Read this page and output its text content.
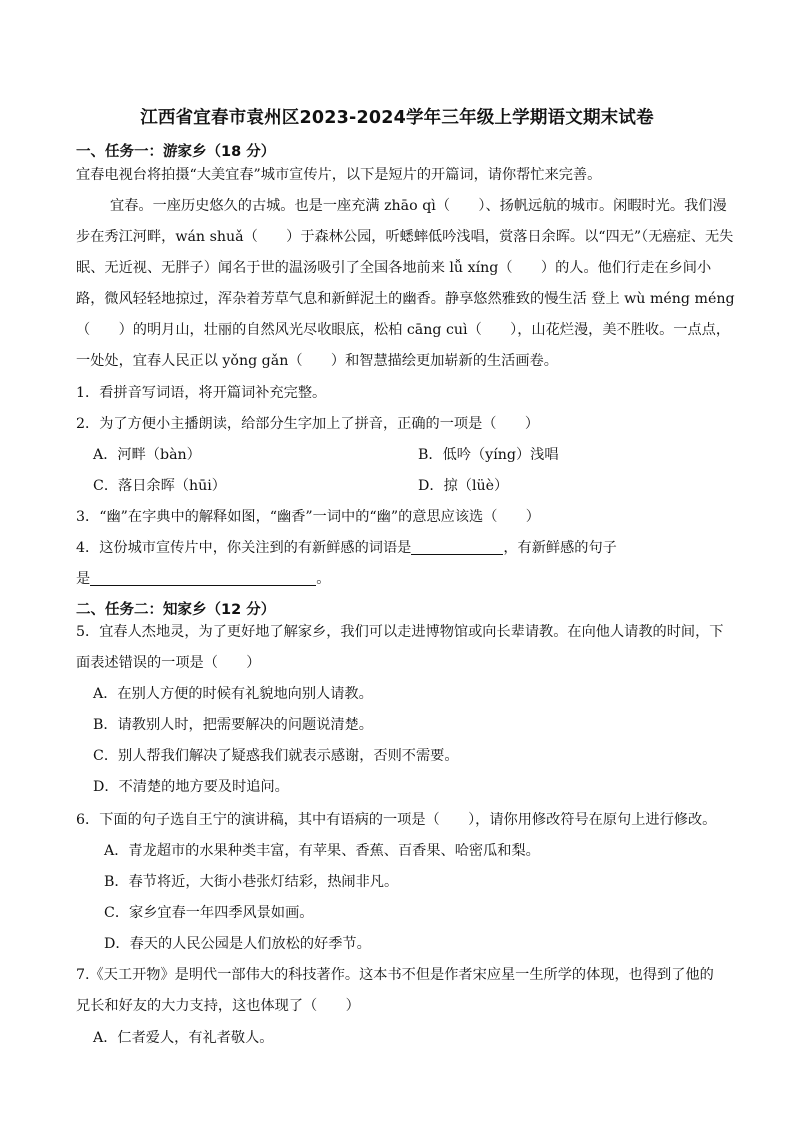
江西省宜春市袁州区2023-2024学年三年级上学期语文期末试卷
一、任务一：游家乡（18 分）
宜春电视台将拍摄“大美宜春”城市宣传片，以下是短片的开篇词，请你帮忙来完善。
宜春。一座历史悠久的古城。也是一座充满 zhāo qì（　　）、扬帆远航的城市。闲暇时光。我们漫
步在秀江河畔，wán shuǎ（　　）于森林公园，听蟋蟀低吟浅唱，赏落日余晖。以“四无”（无癌症、无失
眠、无近视、无胖子）闻名于世的温汤吸引了全国各地前来 lǚ xíng（　　）的人。他们行走在乡间小
路，微风轻轻地掠过，浑杂着芳草气息和新鲜泥土的幽香。静享悠然雅致的慢生活 登上 wù méng méng
（　　）的明月山，壮丽的自然风光尽收眼底，松柏 cāng cuì（　　），山花烂漫，美不胜收。一点点，
一处处，宜春人民正以 yǒng gǎn（　　）和智慧描绘更加崭新的生活画卷。
1．看拼音写词语，将开篇词补充完整。
2．为了方便小主播朗读，给部分生字加上了拼音，正确的一项是（　　）
A．河畔（bàn）	B．低吟（yíng）浅唱
C．落日余晖（hūi）	D．掠（lüè）
3．“幽”在字典中的解释如图，“幽香”一词中的“幽”的意思应该选（　　）
4．这份城市宣传片中，你关注到的有新鲜感的词语是	，有新鲜感的句子
是	。
二、任务二：知家乡（12 分）
5．宜春人杰地灵，为了更好地了解家乡，我们可以走进博物馆或向长辈请教。在向他人请教的时间，下
面表述错误的一项是（　　）
A．在别人方便的时候有礼貌地向别人请教。
B．请教别人时，把需要解决的问题说清楚。
C．别人帮我们解决了疑惑我们就表示感谢，否则不需要。
D．不清楚的地方要及时追问。
6．下面的句子选自王宁的演讲稿，其中有语病的一项是（　　），请你用修改符号在原句上进行修改。
A．青龙超市的水果种类丰富，有苹果、香蕉、百香果、哈密瓜和梨。
B．春节将近，大街小巷张灯结彩，热闹非凡。
C．家乡宜春一年四季风景如画。
D．春天的人民公园是人们放松的好季节。
7.《天工开物》是明代一部伟大的科技著作。这本书不但是作者宋应星一生所学的体现，也得到了他的
兄长和好友的大力支持，这也体现了（　　）
A．仁者爱人，有礼者敬人。
